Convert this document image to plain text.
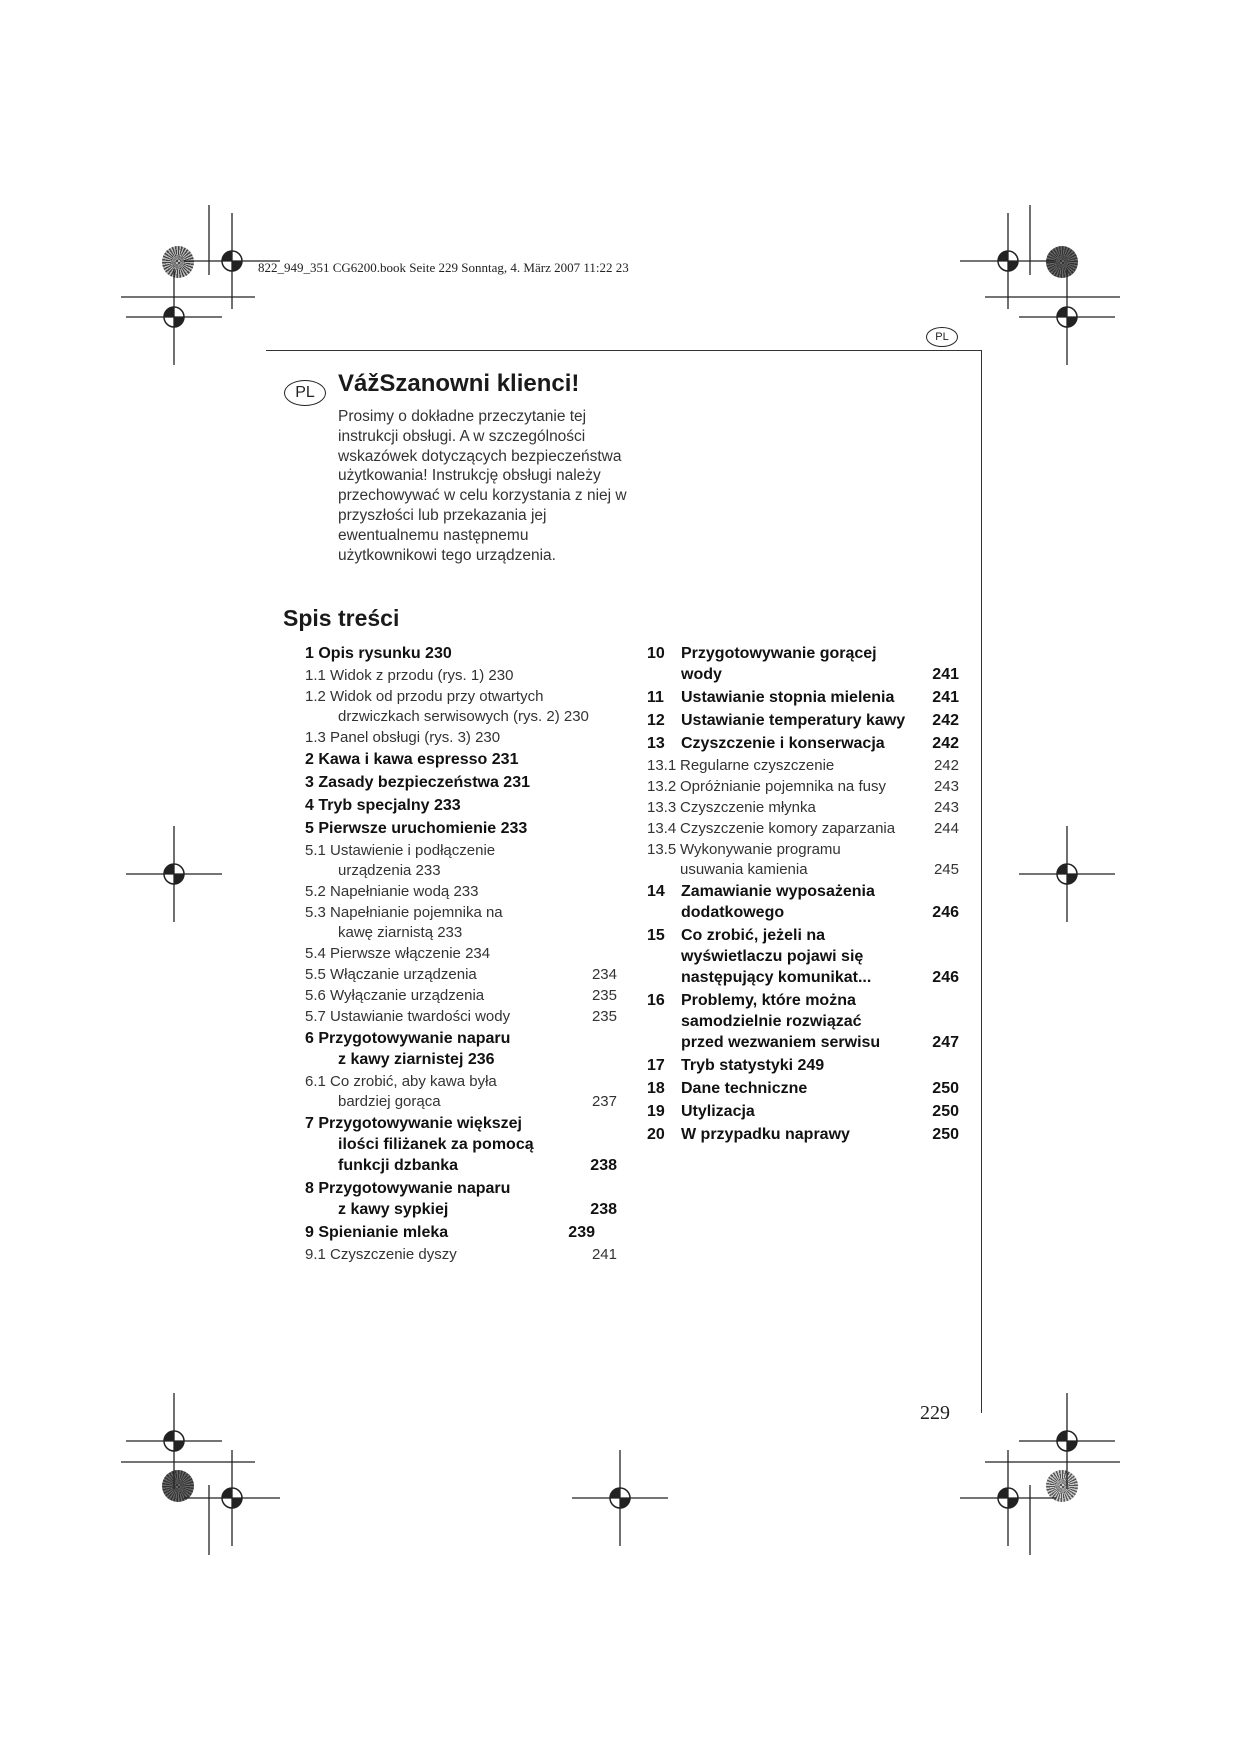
822_949_351 CG6200.book Seite 229 Sonntag, 4. März 2007 11:22 23
PL
PL VážSzanowni klienci!
Prosimy o dokładne przeczytanie tej instrukcji obsługi. A w szczególności wskazówek dotyczących bezpieczeństwa użytkowania! Instrukcję obsługi należy przechowywać w celu korzystania z niej w przyszłości lub przekazania jej ewentualnemu następnemu użytkownikowi tego urządzenia.
Spis treści
1 Opis rysunku 230
1.1 Widok z przodu (rys. 1) 230
1.2 Widok od przodu przy otwartych
drzwiczkach serwisowych (rys. 2) 230
1.3 Panel obsługi (rys. 3) 230
2 Kawa i kawa espresso 231
3 Zasady bezpieczeństwa 231
4 Tryb specjalny 233
5 Pierwsze uruchomienie 233
5.1 Ustawienie i podłączenie
urządzenia 233
5.2 Napełnianie wodą 233
5.3 Napełnianie pojemnika na
kawę ziarnistą 233
5.4 Pierwsze włączenie 234
5.5 Włączanie urządzenia	234
5.6 Wyłączanie urządzenia	235
5.7 Ustawianie twardości wody	235
6 Przygotowywanie naparu
z kawy ziarnistej 236
6.1 Co zrobić, aby kawa była
bardziej gorąca	237
7 Przygotowywanie większej
ilości filiżanek za pomocą
funkcji dzbanka	238
8 Przygotowywanie naparu
z kawy sypkiej	238
9 Spienianie mleka	239
9.1 Czyszczenie dyszy	241
10	Przygotowywanie gorącej
wody	241
11	Ustawianie stopnia mielenia	241
12	Ustawianie temperatury kawy	242
13	Czyszczenie i konserwacja	242
13.1 Regularne czyszczenie	242
13.2 Opróżnianie pojemnika na fusy	243
13.3 Czyszczenie młynka	243
13.4 Czyszczenie komory zaparzania	244
13.5 Wykonywanie programu
usuwania kamienia	245
14	Zamawianie wyposażenia
dodatkowego	246
15	Co zrobić, jeżeli na
wyświetlaczu pojawi się
następujący komunikat...	246
16	Problemy, które można
samodzielnie rozwiązać
przed wezwaniem serwisu	247
17	Tryb statystyki 249
18	Dane techniczne	250
19	Utylizacja	250
20	W przypadku naprawy	250
229
